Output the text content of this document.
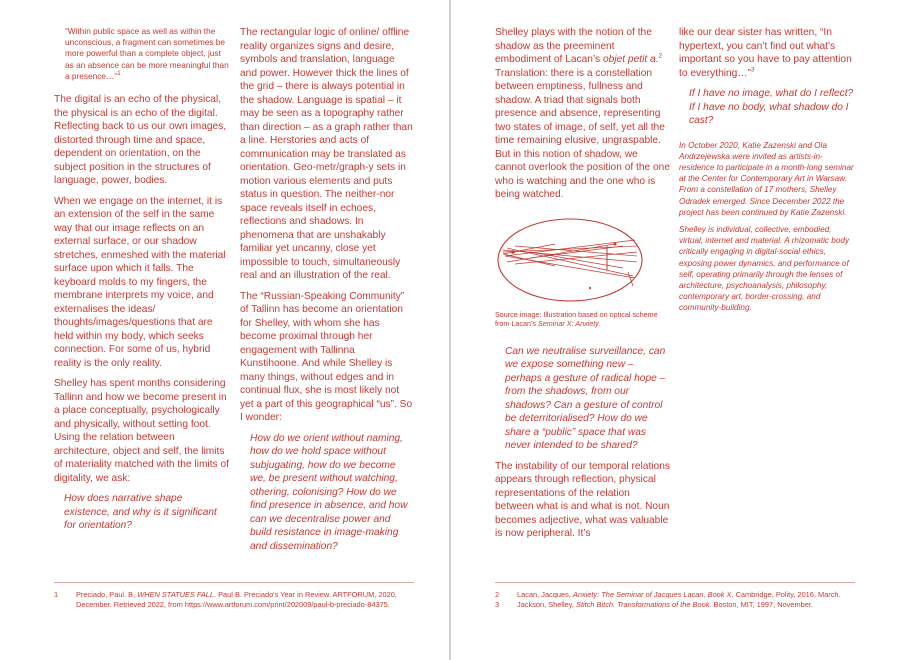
“Within public space as well as within the unconscious, a fragment can sometimes be more powerful than a complete object, just as an absence can be more meaningful than a presence…”$^1$

The digital is an echo of the physical, the physical is an echo of the digital. Reflecting back to us our own images, distorted through time and space, dependent on orientation, on the subject position in the structures of language, power, bodies.

When we engage on the internet, it is an extension of the self in the same way that our image reflects on an external surface, or our shadow stretches, enmeshed with the material surface upon which it falls. The keyboard molds to my fingers, the membrane interprets my voice, and externalises the ideas/ thoughts/images/questions that are held within my body, which seeks connection. For some of us, hybrid reality is the only reality.

Shelley has spent months considering Tallinn and how we become present in a place conceptually, psychologically and physically, without setting foot. Using the relation between architecture, object and self, the limits of materiality matched with the limits of digitality, we ask:

How does narrative shape existence, and why is it significant for orientation?

The rectangular logic of online/ offline reality organizes signs and desire, symbols and translation, language and power. However thick the lines of the grid – there is always potential in the shadow. Language is spatial – it may be seen as a topography rather than direction – as a graph rather than a line. Herstories and acts of communication may be translated as orientation. Geo-metr/graph-y sets in motion various elements and puts status in question. The neither-nor space reveals itself in echoes, reflections and shadows. In phenomena that are unshakably familiar yet uncanny, close yet impossible to touch, simultaneously real and an illustration of the real.

The “Russian-Speaking Community” of Tallinn has become an orientation for Shelley, with whom she has become proximal through her engagement with Tallinna Kunstihoone. And while Shelley is many things, without edges and in continual flux, she is most likely not yet a part of this geographical “us”. So I wonder:

How do we orient without naming, how do we hold space without subjugating, how do we become we, be present without watching, othering, colonising? How do we find presence in absence, and how can we decentralise power and build resistance in image-making and dissemination?

1	Preciado, Paul. B, WHEN STATUES FALL. Paul B. Preciado's Year in Review. ARTFORUM, 2020, December. Retrieved 2022, from https://www.artforum.com/print/202009/paul-b-preciado-84375.

Shelley plays with the notion of the shadow as the preeminent embodiment of Lacan’s objet petit a.$^2$ Translation: there is a constellation between emptiness, fullness and shadow. A triad that signals both presence and absence, representing two states of image, of self, yet all the time remaining elusive, ungraspable. But in this notion of shadow, we cannot overlook the position of the one who is watching and the one who is being watched.

Source image: Illustration based on optical scheme from Lacan’s Seminar X: Anxiety.

Can we neutralise surveillance, can we expose something new – perhaps a gesture of radical hope – from the shadows, from our shadows? Can a gesture of control be deterritorialised? How do we share a “public” space that was never intended to be shared?

The instability of our temporal relations appears through reflection, physical representations of the relation between what is and what is not. Noun becomes adjective, what was valuable is now peripheral. It’s

like our dear sister has written, “In hypertext, you can’t find out what’s important so you have to pay attention to everything…”$^3$

If I have no image, what do I reflect? If I have no body, what shadow do I cast?

In October 2020, Katie Zazenski and Ola Andrzejewska were invited as artists-in-residence to participate in a month-long seminar at the Center for Contemporary Art in Warsaw. From a constellation of 17 mothers, Shelley Odradek emerged. Since December 2022 the project has been continued by Katie Zazenski.

Shelley is individual, collective, embodied, virtual, internet and material. A rhizomatic body critically engaging in digital-social ethics, exposing power dynamics, and performance of self, operating primarily through the lenses of architecture, psychoanalysis, philosophy, contemporary art, border-crossing, and community-building.

2	Lacan, Jacques, Anxiety: The Seminar of Jacques Lacan, Book X. Cambridge, Polity, 2016, March.
3	Jackson, Shelley, Stitch Bitch. Transformations of the Book. Boston, MIT, 1997, November.
